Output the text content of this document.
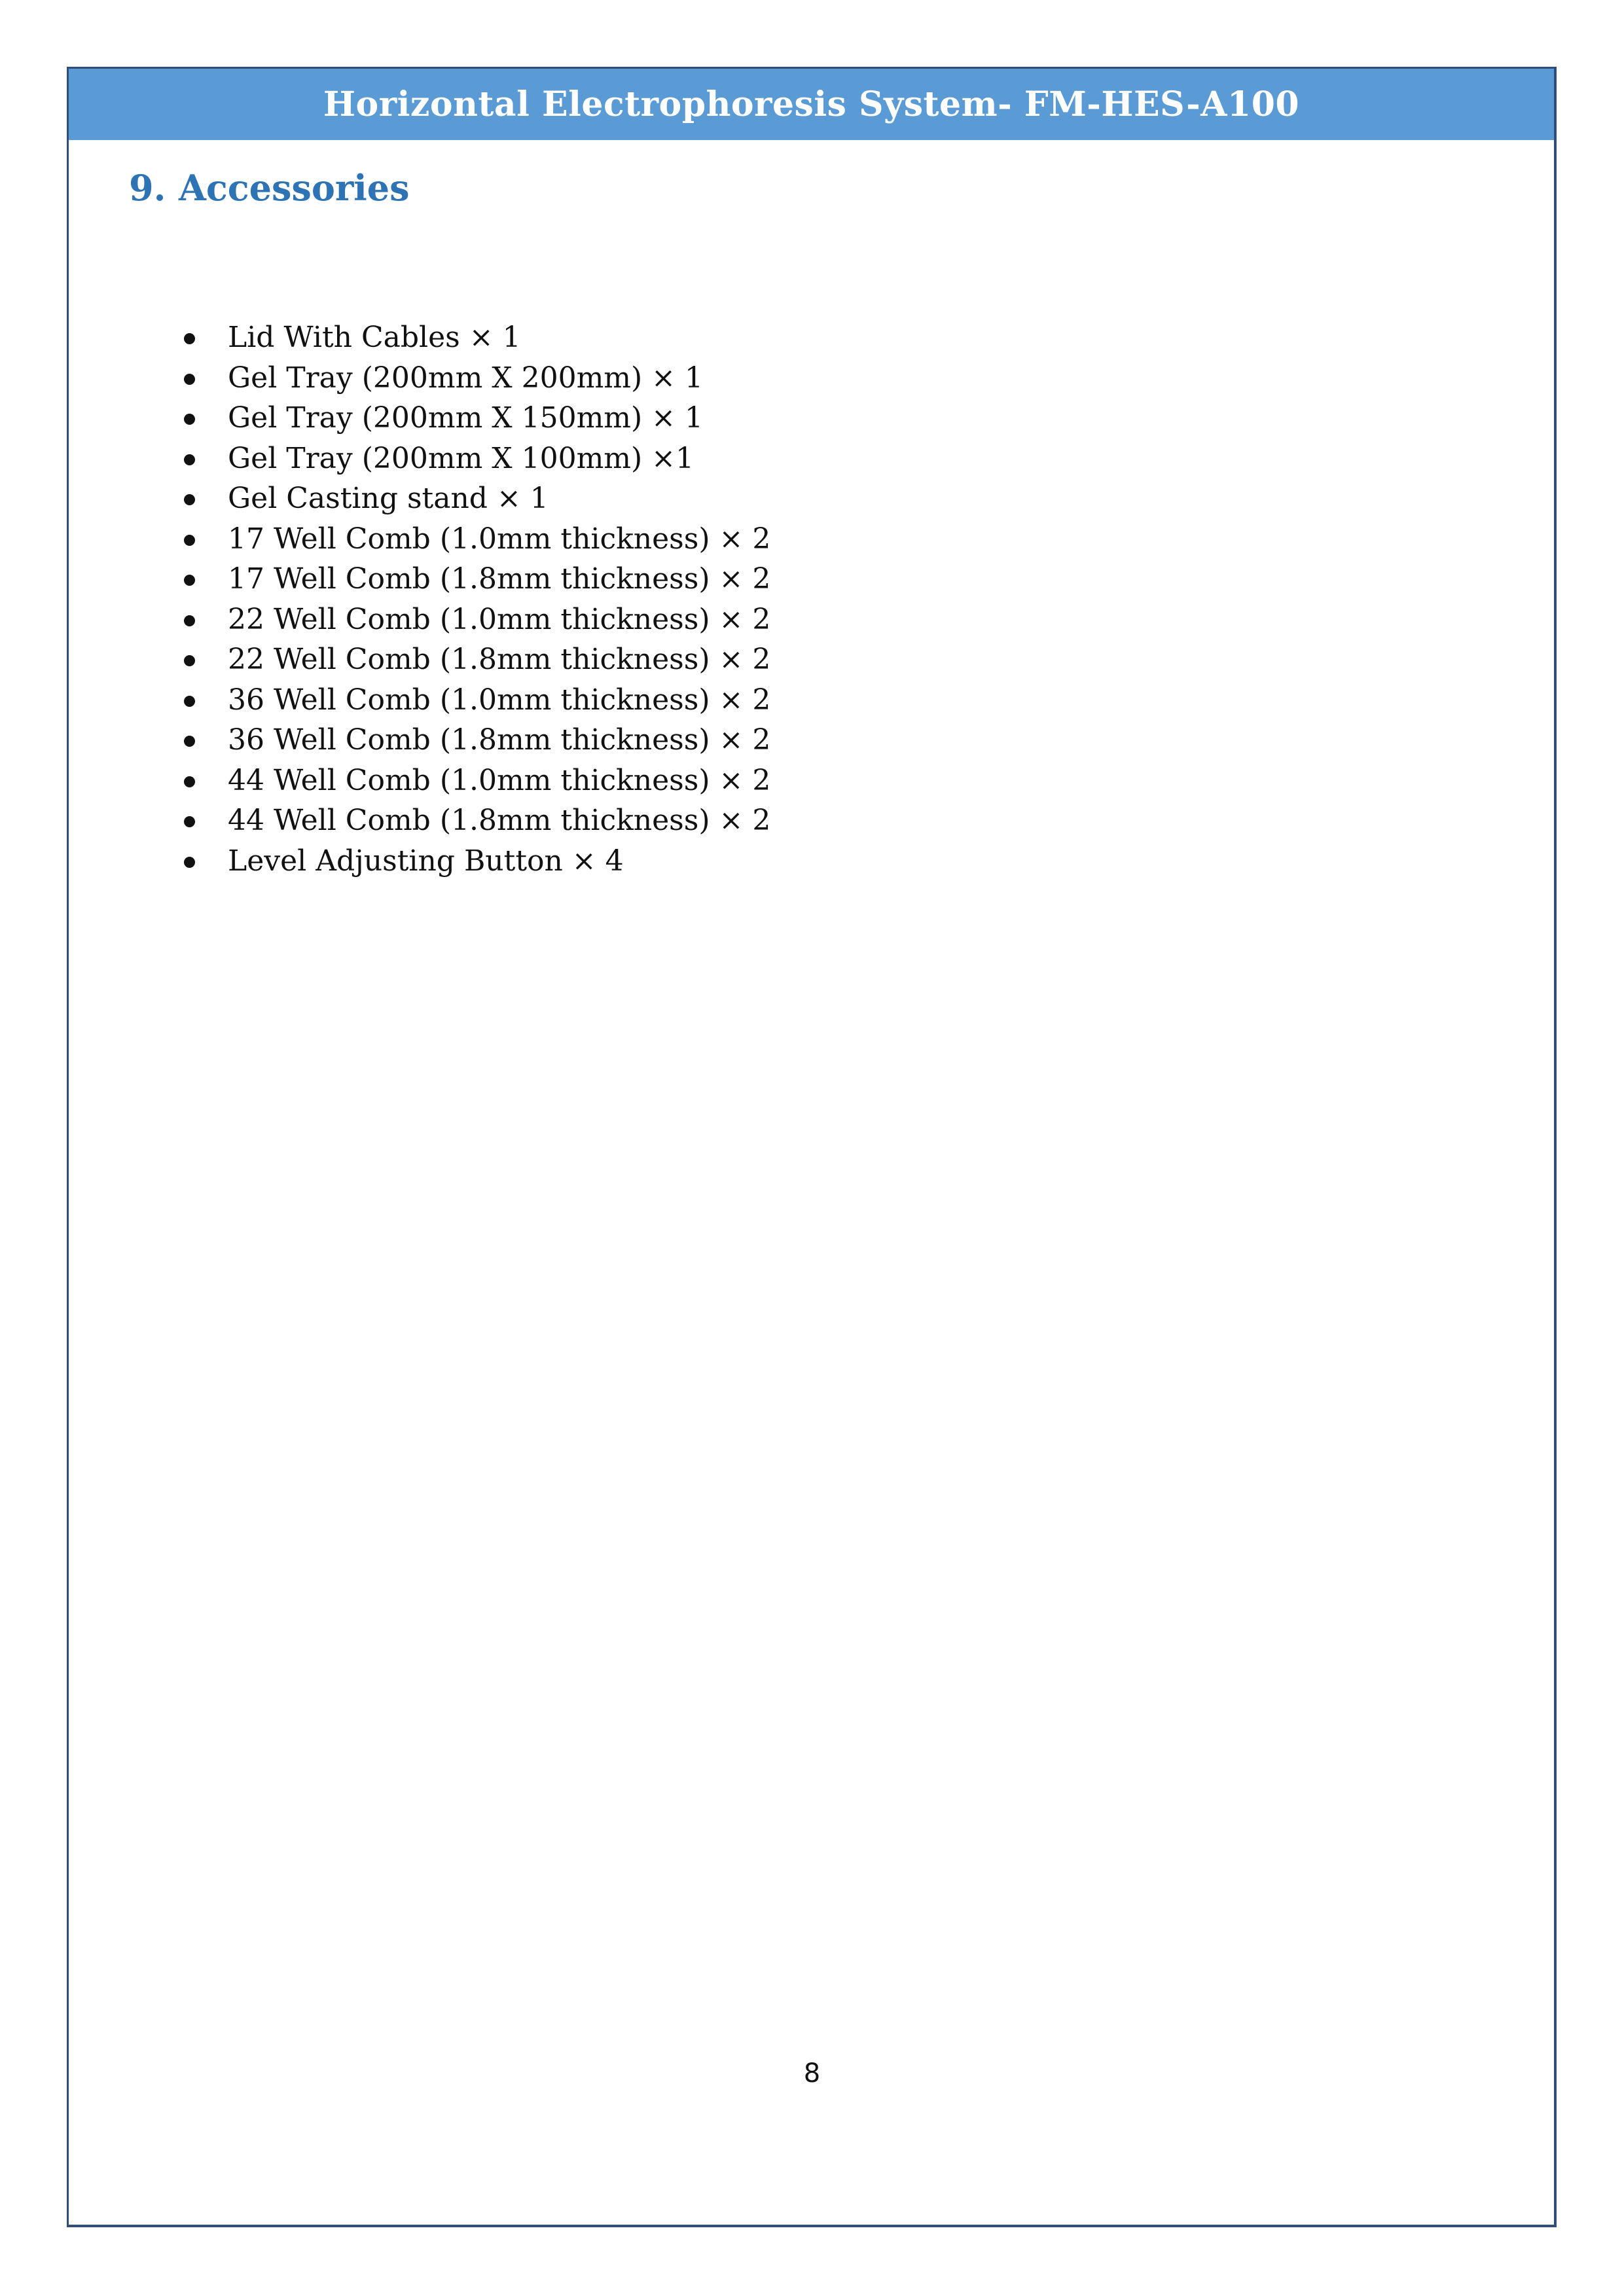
Horizontal Electrophoresis System- FM-HES-A100
9. Accessories
Lid With Cables × 1
Gel Tray (200mm X 200mm) × 1
Gel Tray (200mm X 150mm) × 1
Gel Tray (200mm X 100mm) ×1
Gel Casting stand × 1
17 Well Comb (1.0mm thickness) × 2
17 Well Comb (1.8mm thickness) × 2
22 Well Comb (1.0mm thickness) × 2
22 Well Comb (1.8mm thickness) × 2
36 Well Comb (1.0mm thickness) × 2
36 Well Comb (1.8mm thickness) × 2
44 Well Comb (1.0mm thickness) × 2
44 Well Comb (1.8mm thickness) × 2
Level Adjusting Button × 4
8
